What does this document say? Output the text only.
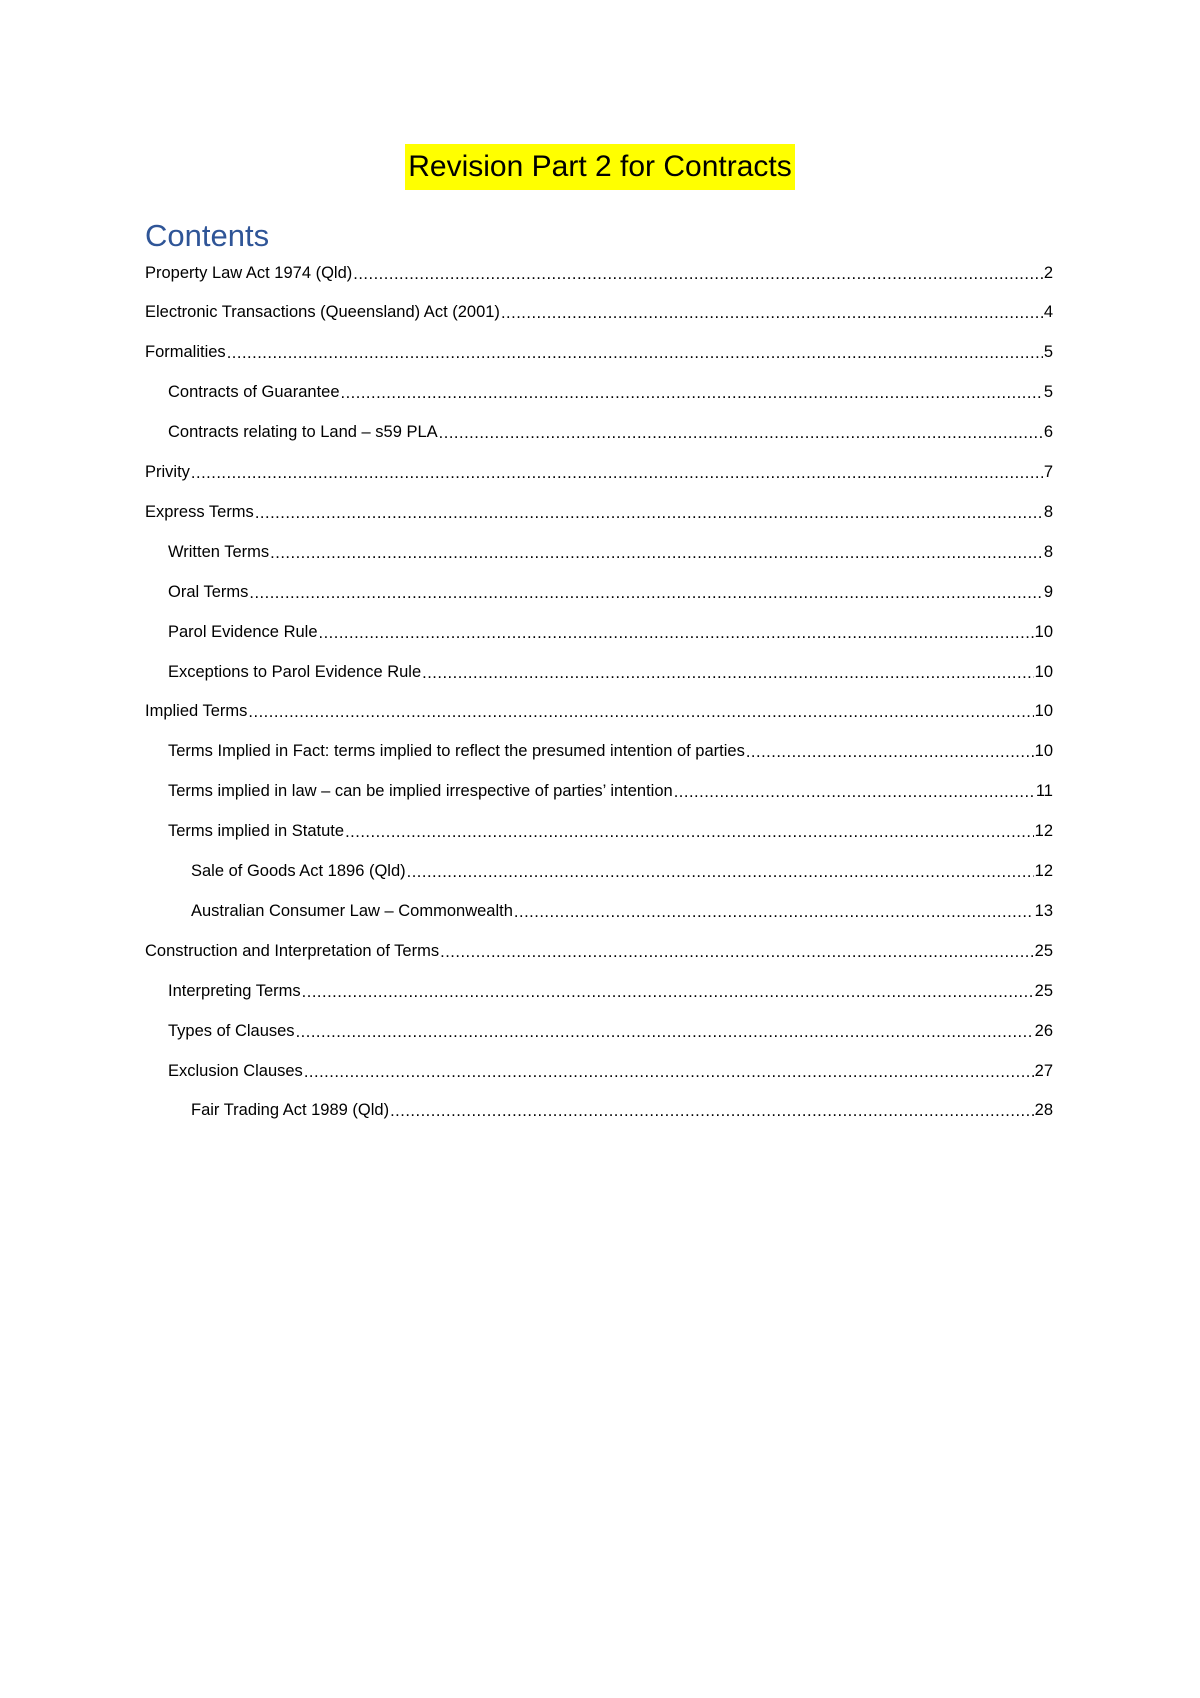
Revision Part 2 for Contracts
Contents
Property Law Act 1974 (Qld) .....	2
Electronic Transactions (Queensland) Act (2001) .....	4
Formalities .....	5
Contracts of Guarantee .....	5
Contracts relating to Land – s59 PLA .....	6
Privity .....	7
Express Terms .....	8
Written Terms .....	8
Oral Terms .....	9
Parol Evidence Rule .....	10
Exceptions to Parol Evidence Rule .....	10
Implied Terms .....	10
Terms Implied in Fact: terms implied to reflect the presumed intention of parties .....	10
Terms implied in law – can be implied irrespective of parties’ intention .....	11
Terms implied in Statute .....	12
Sale of Goods Act 1896 (Qld) .....	12
Australian Consumer Law – Commonwealth .....	13
Construction and Interpretation of Terms .....	25
Interpreting Terms .....	25
Types of Clauses .....	26
Exclusion Clauses .....	27
Fair Trading Act 1989 (Qld) .....	28
